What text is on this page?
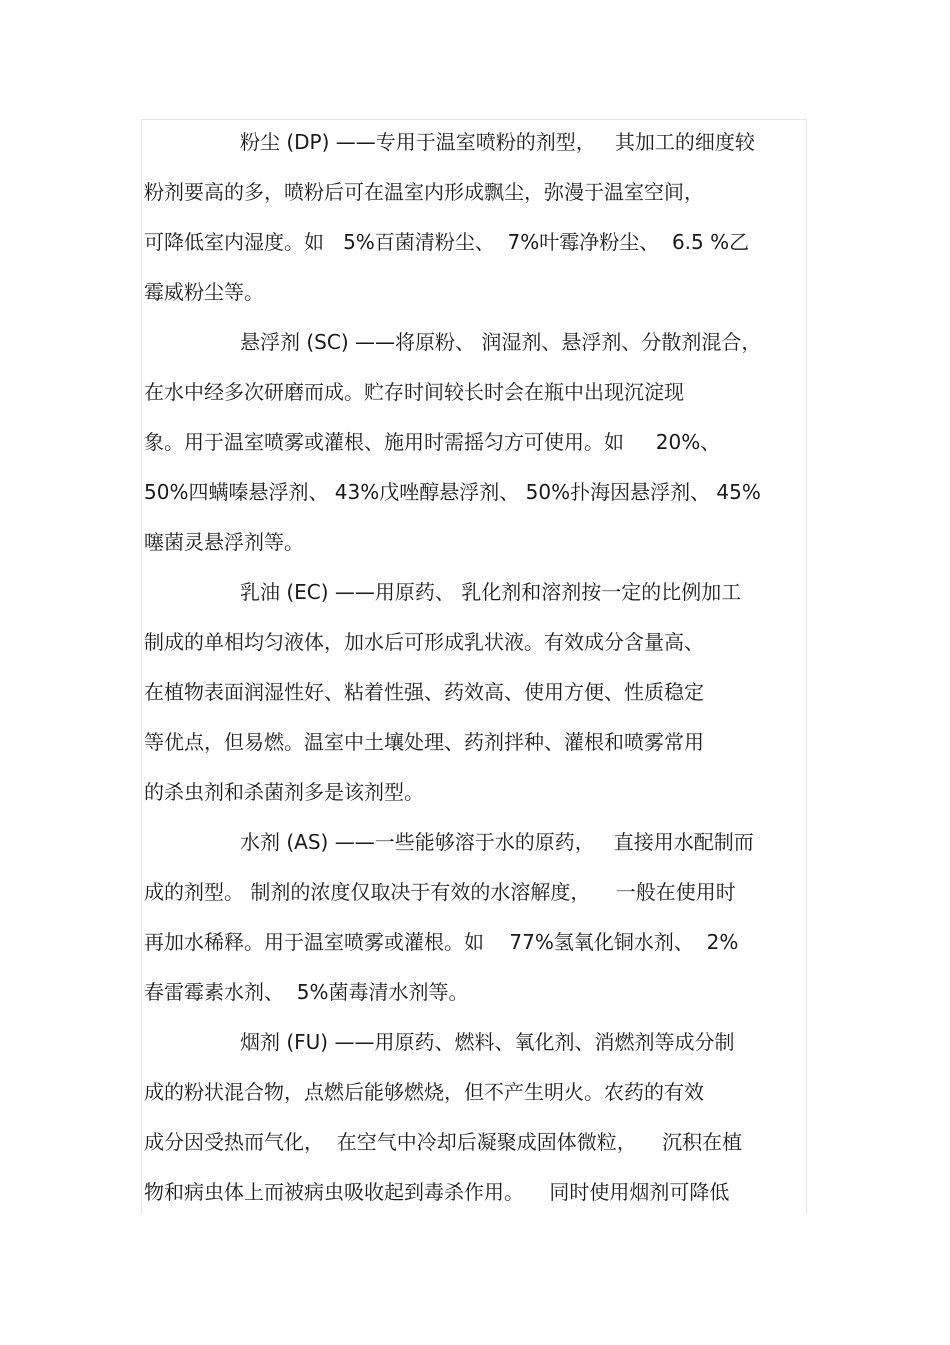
粉尘 (DP) ——专用于温室喷粉的剂型，   其加工的细度较
粉剂要高的多，喷粉后可在温室内形成飘尘，弥漫于温室空间，
可降低室内湿度。如   5%百菌清粉尘、  7%叶霉净粉尘、  6.5 %乙
霉威粉尘等。
悬浮剂 (SC) ——将原粉、 润湿剂、悬浮剂、分散剂混合，
在水中经多次研磨而成。贮存时间较长时会在瓶中出现沉淀现
象。用于温室喷雾或灌根、施用时需摇匀方可使用。如     20%、
50%四螨嗪悬浮剂、 43%戊唑醇悬浮剂、 50%扑海因悬浮剂、 45%
噻菌灵悬浮剂等。
乳油 (EC) ——用原药、 乳化剂和溶剂按一定的比例加工
制成的单相均匀液体，加水后可形成乳状液。有效成分含量高、
在植物表面润湿性好、粘着性强、药效高、使用方便、性质稳定
等优点，但易燃。温室中土壤处理、药剂拌种、灌根和喷雾常用
的杀虫剂和杀菌剂多是该剂型。
水剂 (AS) ——一些能够溶于水的原药，   直接用水配制而
成的剂型。 制剂的浓度仅取决于有效的水溶解度，    一般在使用时
再加水稀释。用于温室喷雾或灌根。如    77%氢氧化铜水剂、  2%
春雷霉素水剂、  5%菌毒清水剂等。
烟剂 (FU) ——用原药、燃料、氧化剂、消燃剂等成分制
成的粉状混合物，点燃后能够燃烧，但不产生明火。农药的有效
成分因受热而气化，  在空气中冷却后凝聚成固体微粒，    沉积在植
物和病虫体上而被病虫吸收起到毒杀作用。    同时使用烟剂可降低
